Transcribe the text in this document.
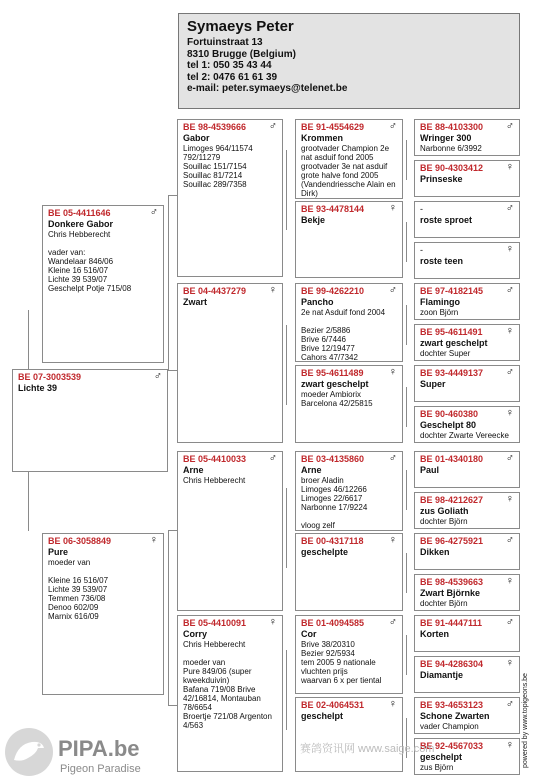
Symaeys Peter
Fortuinstraat 13
8310 Brugge (Belgium)
tel 1: 050 35 43 44
tel 2: 0476 61 61 39
e-mail: peter.symaeys@telenet.be
BE 07-3003539
Lichte 39
♂
BE 05-4411646
Donkere Gabor
Chris Hebberecht
vader van:
Wandelaar 846/06
Kleine 16 516/07
Lichte 39 539/07
Geschelpt Potje 715/08
♂
BE 06-3058849
Pure
moeder van
Kleine 16 516/07
Lichte 39 539/07
Temmen 736/08
Denoo 602/09
Marnix 616/09
♀
BE 98-4539666
Gabor
Limoges 964/11574
792/11279
Souillac 151/7154
Souillac 81/7214
Souillac 289/7358
♂
BE 04-4437279
Zwart
♀
BE 05-4410033
Arne
Chris Hebberecht
♂
BE 05-4410091
Corry
Chris Hebberecht
moeder van
Pure 849/06 (super kweekduivin)
Bafana 719/08 Brive 42/16814, Montauban 78/6654
Broertje 721/08 Argenton 4/563
♀
BE 91-4554629
Krommen
grootvader Champion 2e nat asduif fond 2005
grootvader 3e nat asduif grote halve fond 2005
(Vandendriessche Alain en Dirk)
♂
BE 93-4478144
Bekje
♀
BE 99-4262210
Pancho
2e nat Asduif fond 2004
Bezier 2/5886
Brive 6/7446
Brive 12/19477
Cahors 47/7342
♂
BE 95-4611489
zwart geschelpt
moeder Ambiorix
Barcelona 42/25815
♀
BE 03-4135860
Arne
broer Aladin
Limoges 46/12266
Limoges 22/6617
Narbonne 17/9224
vloog zelf
♂
BE 00-4317118
geschelpte
♀
BE 01-4094585
Cor
Brive 38/20310
Bezier 92/5934
tem 2005 9 nationale vluchten prijs
waarvan 6 x per tiental
♂
BE 02-4064531
geschelpt
♀
BE 88-4103300
Wringer 300
Narbonne 6/3992
♂
BE 90-4303412
Prinseske
♀
-
roste sproet
♂
-
roste teen
♀
BE 97-4182145
Flamingo
zoon Björn
♂
BE 95-4611491
zwart geschelpt
dochter Super
♀
BE 93-4449137
Super
♂
BE 90-460380
Geschelpt 80
dochter Zwarte Vereecke
♀
BE 01-4340180
Paul
♂
BE 98-4212627
zus Goliath
dochter Björn
♀
BE 96-4275921
Dikken
♂
BE 98-4539663
Zwart Björnke
dochter Björn
♀
BE 91-4447111
Korten
♂
BE 94-4286304
Diamantje
♀
BE 93-4653123
Schone Zwarten
vader Champion
♂
BE 92-4567033
geschelpt
zus Björn
♀
PIPA.be
Pigeon Paradise
赛鸽资讯网 www.saige.com	powered by www.topigeons.be
